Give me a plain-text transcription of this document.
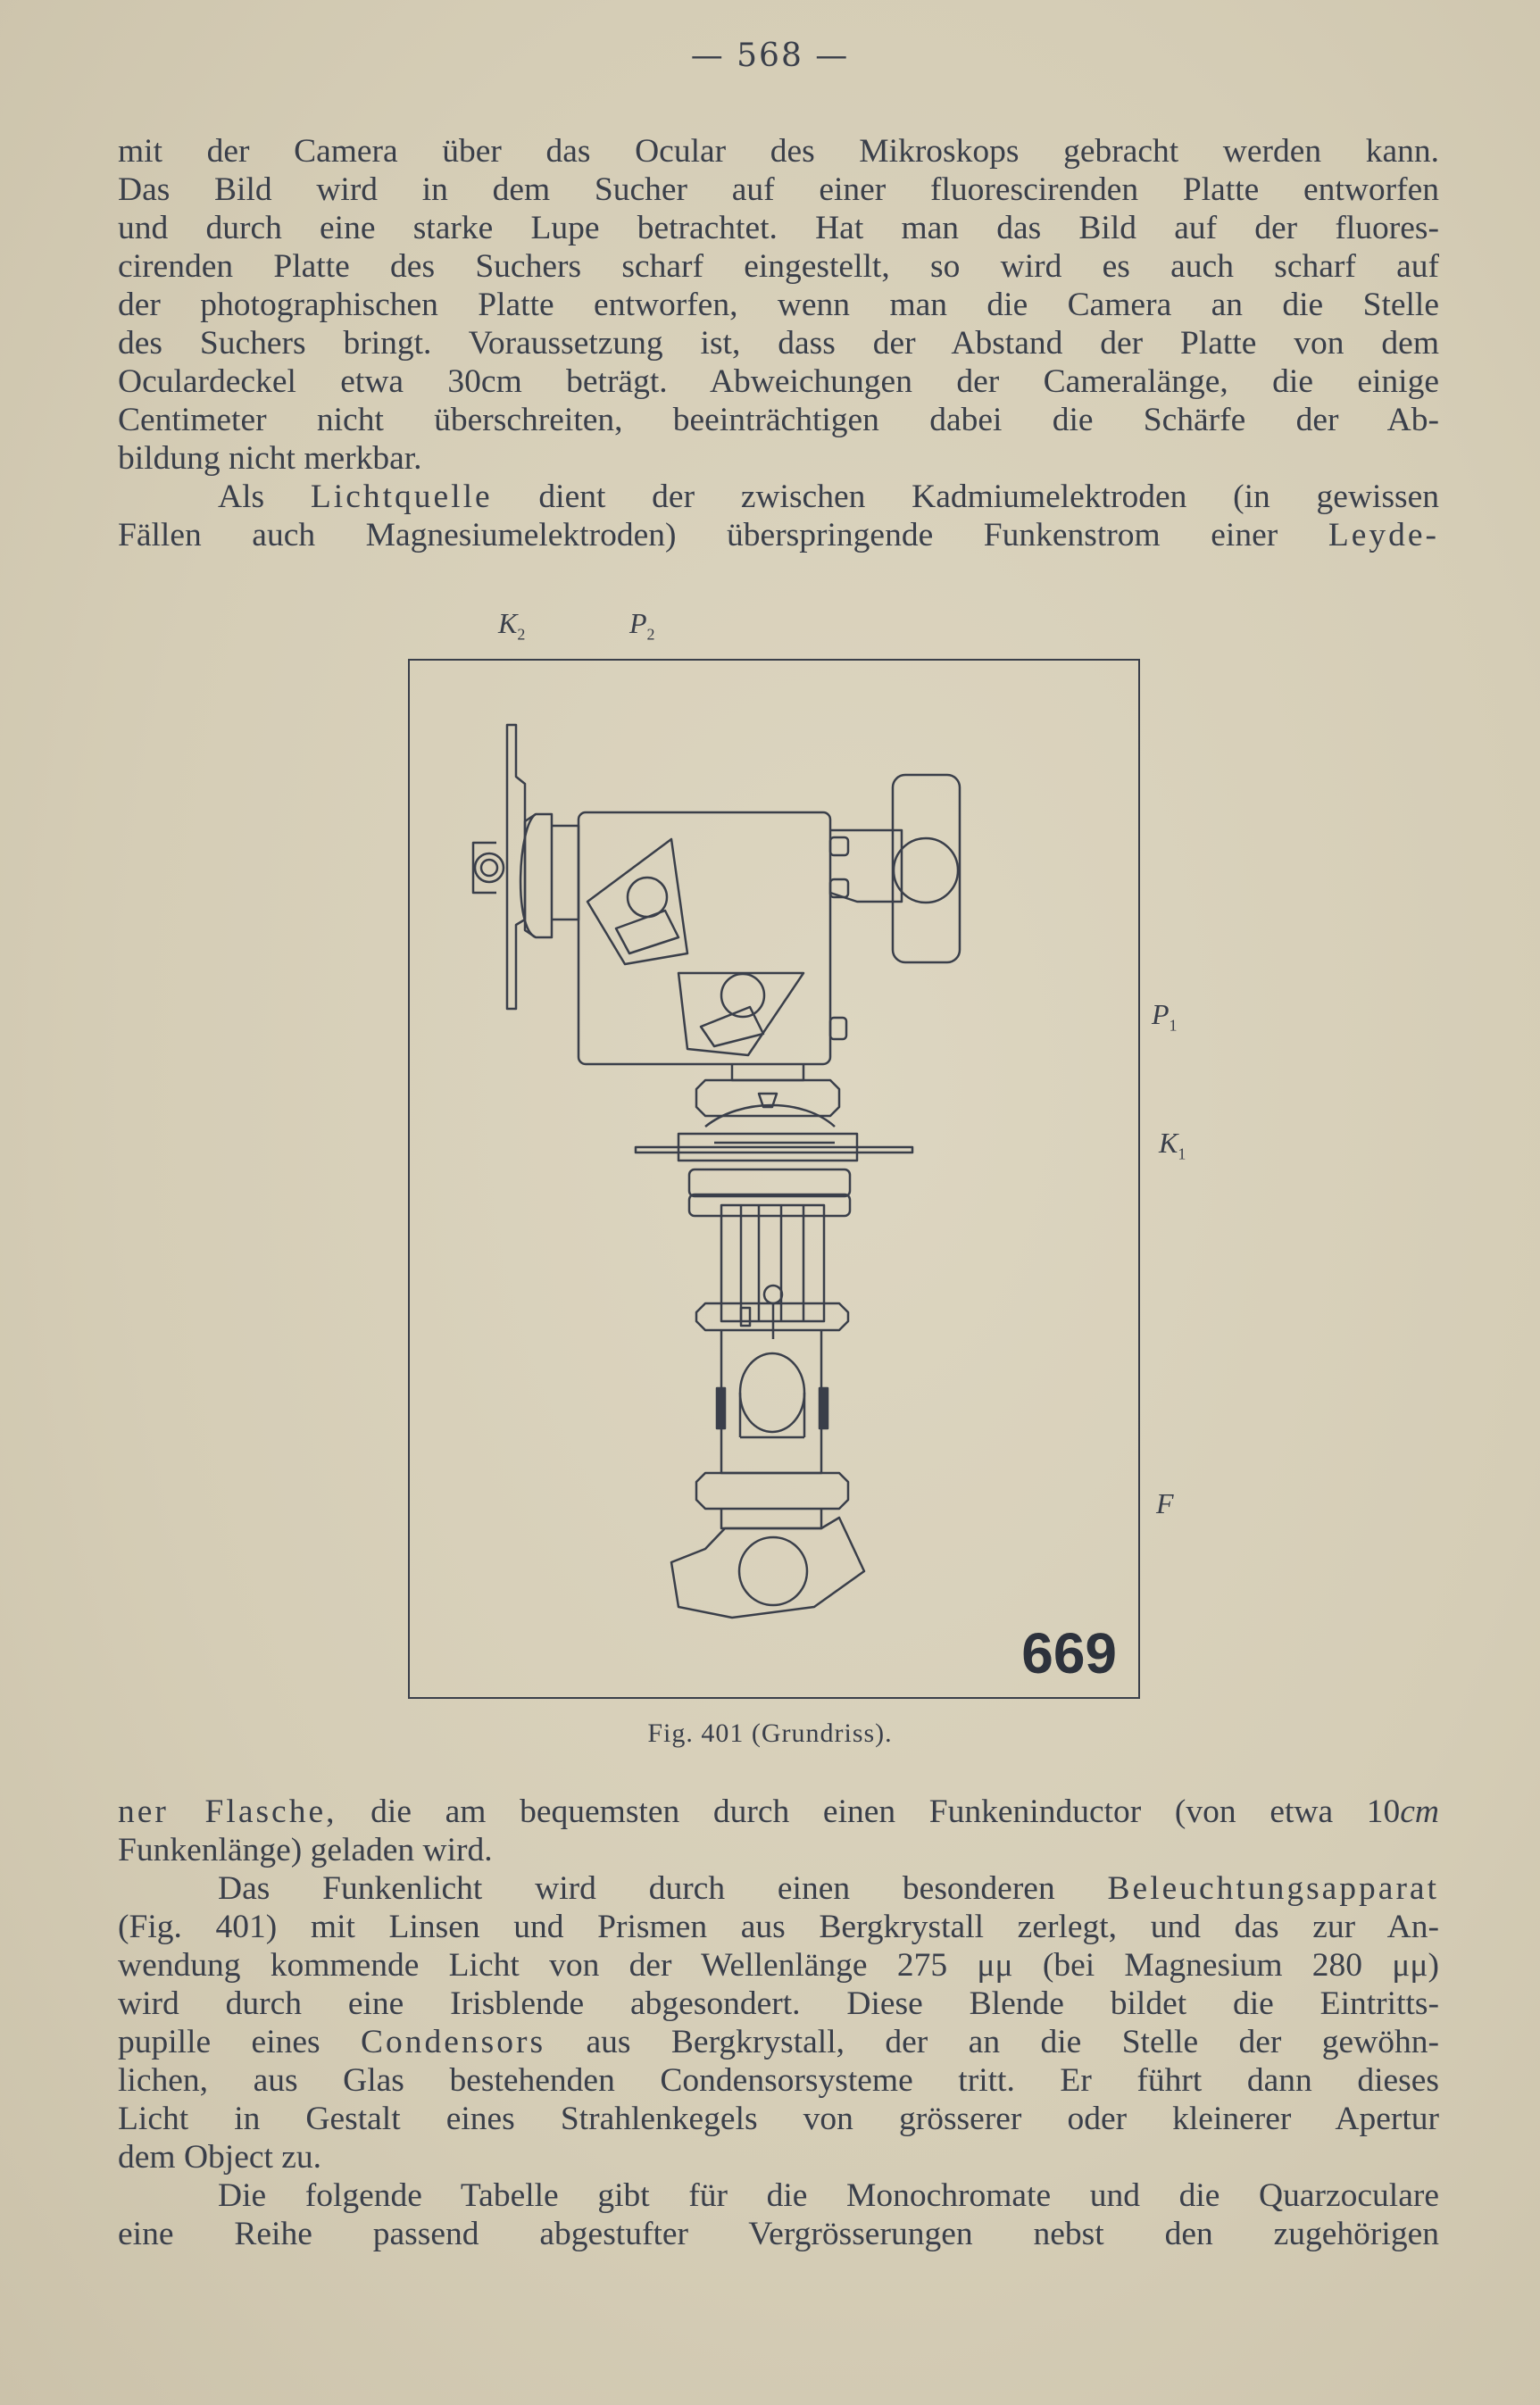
— 568 —
mit der Camera über das Ocular des Mikroskops gebracht werden kann.
Das Bild wird in dem Sucher auf einer fluorescirenden Platte entworfen
und durch eine starke Lupe betrachtet. Hat man das Bild auf der fluores-
cirenden Platte des Suchers scharf eingestellt, so wird es auch scharf auf
der photographischen Platte entworfen, wenn man die Camera an die Stelle
des Suchers bringt. Voraussetzung ist, dass der Abstand der Platte von dem
Oculardeckel etwa 30cm beträgt. Abweichungen der Cameralänge, die einige
Centimeter nicht überschreiten, beeinträchtigen dabei die Schärfe der Ab-
bildung nicht merkbar.
Als Lichtquelle dient der zwischen Kadmiumelektroden (in gewissen
Fällen auch Magnesiumelektroden) überspringende Funkenstrom einer Leyde-
$K_2$	$P_2$
$P_1$
$K_1$
F
669
Fig. 401 (Grundriss).
ner Flasche, die am bequemsten durch einen Funkeninductor (von etwa 10cm
Funkenlänge) geladen wird.
Das Funkenlicht wird durch einen besonderen Beleuchtungsapparat
(Fig. 401) mit Linsen und Prismen aus Bergkrystall zerlegt, und das zur An-
wendung kommende Licht von der Wellenlänge 275 μμ (bei Magnesium 280 μμ)
wird durch eine Irisblende abgesondert. Diese Blende bildet die Eintritts-
pupille eines Condensors aus Bergkrystall, der an die Stelle der gewöhn-
lichen, aus Glas bestehenden Condensorsysteme tritt. Er führt dann dieses
Licht in Gestalt eines Strahlenkegels von grösserer oder kleinerer Apertur
dem Object zu.
Die folgende Tabelle gibt für die Monochromate und die Quarzoculare
eine Reihe passend abgestufter Vergrösserungen nebst den zugehörigen
